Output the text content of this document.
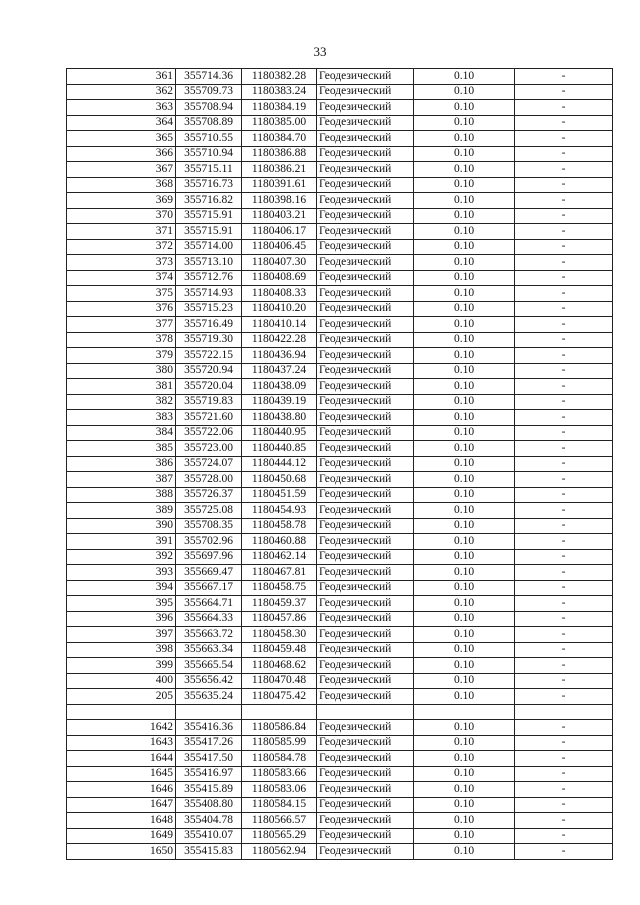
33
361	355714.36	1180382.28	Геодезический	0.10	-
362	355709.73	1180383.24	Геодезический	0.10	-
363	355708.94	1180384.19	Геодезический	0.10	-
364	355708.89	1180385.00	Геодезический	0.10	-
365	355710.55	1180384.70	Геодезический	0.10	-
366	355710.94	1180386.88	Геодезический	0.10	-
367	355715.11	1180386.21	Геодезический	0.10	-
368	355716.73	1180391.61	Геодезический	0.10	-
369	355716.82	1180398.16	Геодезический	0.10	-
370	355715.91	1180403.21	Геодезический	0.10	-
371	355715.91	1180406.17	Геодезический	0.10	-
372	355714.00	1180406.45	Геодезический	0.10	-
373	355713.10	1180407.30	Геодезический	0.10	-
374	355712.76	1180408.69	Геодезический	0.10	-
375	355714.93	1180408.33	Геодезический	0.10	-
376	355715.23	1180410.20	Геодезический	0.10	-
377	355716.49	1180410.14	Геодезический	0.10	-
378	355719.30	1180422.28	Геодезический	0.10	-
379	355722.15	1180436.94	Геодезический	0.10	-
380	355720.94	1180437.24	Геодезический	0.10	-
381	355720.04	1180438.09	Геодезический	0.10	-
382	355719.83	1180439.19	Геодезический	0.10	-
383	355721.60	1180438.80	Геодезический	0.10	-
384	355722.06	1180440.95	Геодезический	0.10	-
385	355723.00	1180440.85	Геодезический	0.10	-
386	355724.07	1180444.12	Геодезический	0.10	-
387	355728.00	1180450.68	Геодезический	0.10	-
388	355726.37	1180451.59	Геодезический	0.10	-
389	355725.08	1180454.93	Геодезический	0.10	-
390	355708.35	1180458.78	Геодезический	0.10	-
391	355702.96	1180460.88	Геодезический	0.10	-
392	355697.96	1180462.14	Геодезический	0.10	-
393	355669.47	1180467.81	Геодезический	0.10	-
394	355667.17	1180458.75	Геодезический	0.10	-
395	355664.71	1180459.37	Геодезический	0.10	-
396	355664.33	1180457.86	Геодезический	0.10	-
397	355663.72	1180458.30	Геодезический	0.10	-
398	355663.34	1180459.48	Геодезический	0.10	-
399	355665.54	1180468.62	Геодезический	0.10	-
400	355656.42	1180470.48	Геодезический	0.10	-
205	355635.24	1180475.42	Геодезический	0.10	-

1642	355416.36	1180586.84	Геодезический	0.10	-
1643	355417.26	1180585.99	Геодезический	0.10	-
1644	355417.50	1180584.78	Геодезический	0.10	-
1645	355416.97	1180583.66	Геодезический	0.10	-
1646	355415.89	1180583.06	Геодезический	0.10	-
1647	355408.80	1180584.15	Геодезический	0.10	-
1648	355404.78	1180566.57	Геодезический	0.10	-
1649	355410.07	1180565.29	Геодезический	0.10	-
1650	355415.83	1180562.94	Геодезический	0.10	-
